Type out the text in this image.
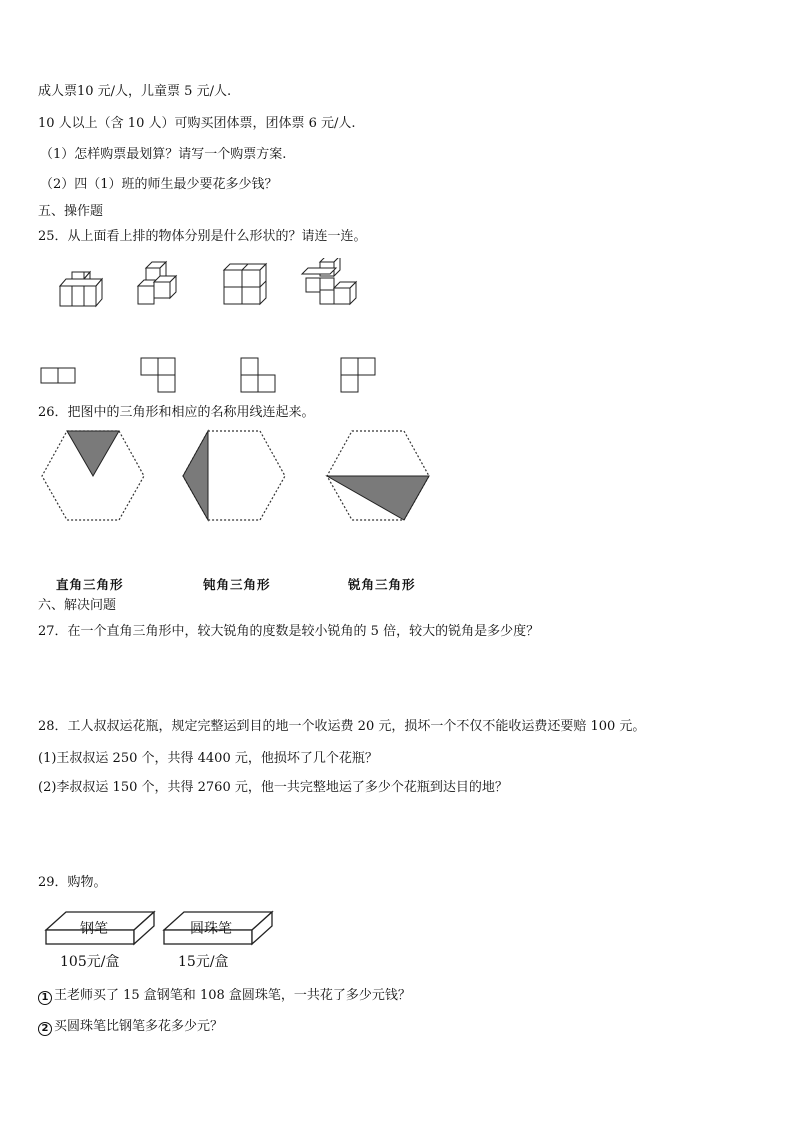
成人票10 元/人，儿童票 5 元/人.
10 人以上（含 10 人）可购买团体票，团体票 6 元/人.
（1）怎样购票最划算？请写一个购票方案.
（2）四（1）班的师生最少要花多少钱？
五、操作题
25．从上面看上排的物体分别是什么形状的？请连一连。
26．把图中的三角形和相应的名称用线连起来。
直角三角形	钝角三角形	锐角三角形
六、解决问题
27．在一个直角三角形中，较大锐角的度数是较小锐角的 5 倍，较大的锐角是多少度？
28．工人叔叔运花瓶，规定完整运到目的地一个收运费 20 元，损坏一个不仅不能收运费还要赔 100 元。
(1)王叔叔运 250 个，共得 4400 元，他损坏了几个花瓶？
(2)李叔叔运 150 个，共得 2760 元，他一共完整地运了多少个花瓶到达目的地？
29．购物。
钢笔	圆珠笔
105元/盒	15元/盒
1 王老师买了 15 盒钢笔和 108 盒圆珠笔，一共花了多少元钱？
2 买圆珠笔比钢笔多花多少元？
